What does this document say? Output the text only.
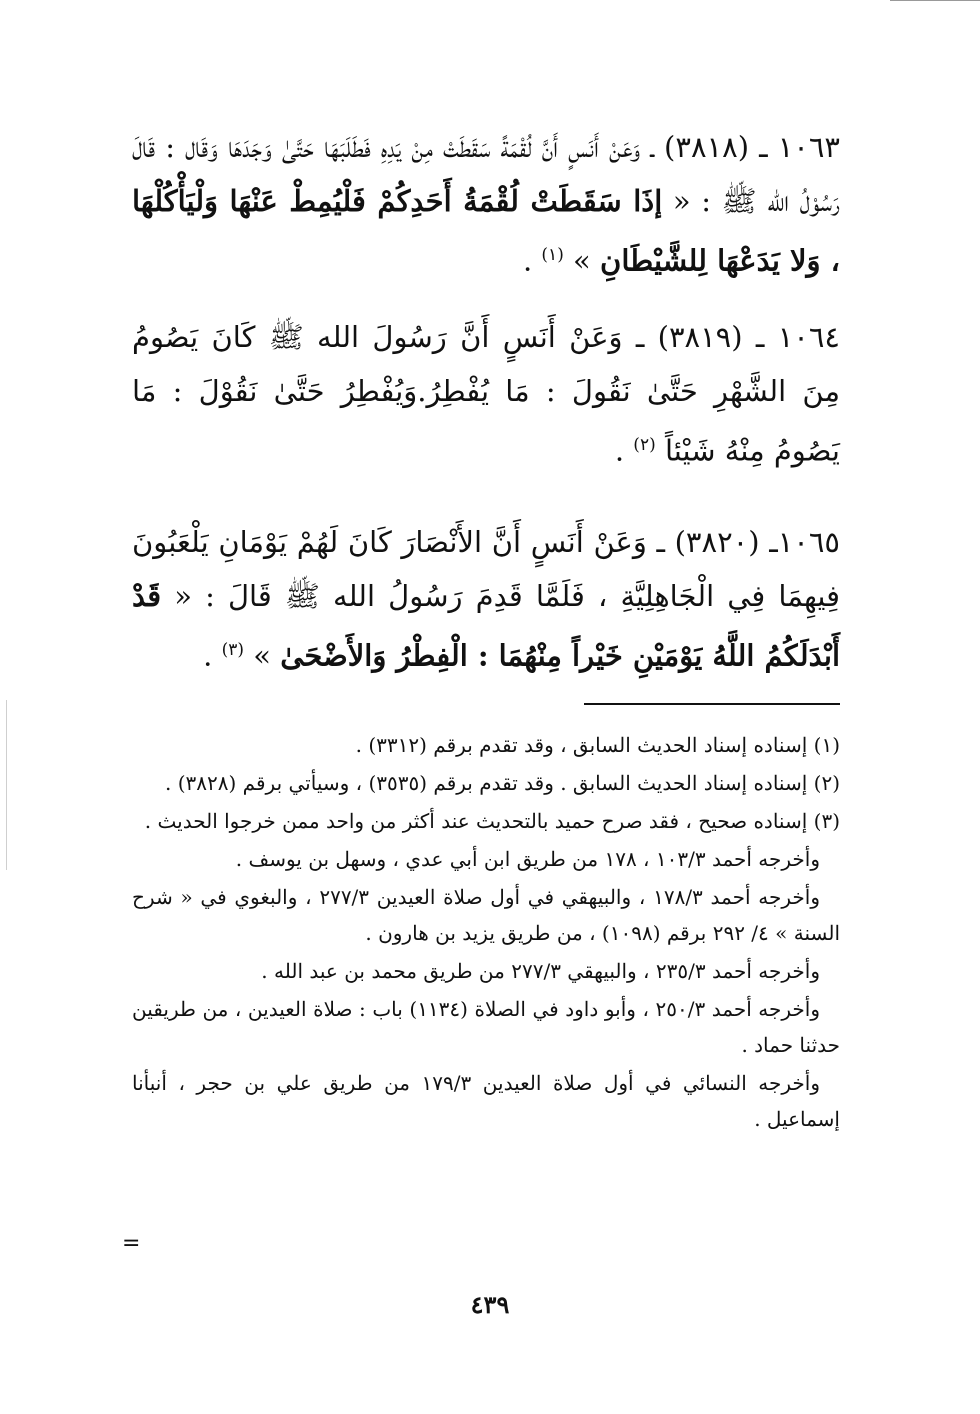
١٠٦٣ ـ (٣٨١٨) ـ وَعَنْ أَنَسٍ أَنَّ لُقْمَةً سَقَطَتْ مِنْ يَدِهِ فَطَلَبَهَا حَتَّىٰ وَجَدَهَا وَقَال : قَالَ رَسُوْلُ الله ﷺ : « إذَا سَقَطَتْ لُقْمَةُ أَحَدِكُمْ فَلْيُمِطْ عَنْهَا وَلْيَأْكُلْهَا ، وَلا يَدَعْهَا لِلشَّيْطَانِ » $^{(١)}$ .

١٠٦٤ ـ (٣٨١٩) ـ وَعَنْ أَنَسٍ أَنَّ رَسُولَ الله ﷺ كَانَ يَصُومُ مِنَ الشَّهْرِ حَتَّىٰ نَقُولَ : مَا يُفْطِرُ.وَيُفْطِرُ حَتَّىٰ نَقُوْلَ : مَا يَصُومُ مِنْهُ شَيْئاً $^{(٢)}$ .

١٠٦٥ـ (٣٨٢٠) ـ وَعَنْ أَنَسٍ أَنَّ الأَنْصَارَ كَانَ لَهُمْ يَوْمَانِ يَلْعَبُونَ فِيهِمَا فِي الْجَاهِلِيَّةِ ، فَلَمَّا قَدِمَ رَسُولُ الله ﷺ قَالَ : « قَدْ أَبْدَلَكُمُ اللَّهُ يَوْمَيْنِ خَيْراً مِنْهُمَا : الْفِطْرُ وَالأَضْحَىٰ » $^{(٣)}$ .

(١) إسناده إسناد الحديث السابق ، وقد تقدم برقم (٣٣١٢) .

(٢) إسناده إسناد الحديث السابق . وقد تقدم برقم (٣٥٣٥) ، وسيأتي برقم (٣٨٢٨) .

(٣) إسناده صحيح ، فقد صرح حميد بالتحديث عند أكثر من واحد ممن خرجوا الحديث .

وأخرجه أحمد ١٠٣/٣ ، ١٧٨ من طريق ابن أبي عدي ، وسهل بن يوسف .

وأخرجه أحمد ١٧٨/٣ ، والبيهقي في أول صلاة العيدين ٢٧٧/٣ ، والبغوي في « شرح السنة » ٤/ ٢٩٢ برقم (١٠٩٨) ، من طريق يزيد بن هارون .

وأخرجه أحمد ٢٣٥/٣ ، والبيهقي ٢٧٧/٣ من طريق محمد بن عبد الله .

وأخرجه أحمد ٢٥٠/٣ ، وأبو داود في الصلاة (١١٣٤) باب : صلاة العيدين ، من طريقين حدثنا حماد .

وأخرجه النسائي في أول صلاة العيدين ١٧٩/٣ من طريق علي بن حجر ، أنبأنا إسماعيل .

=
٤٣٩
